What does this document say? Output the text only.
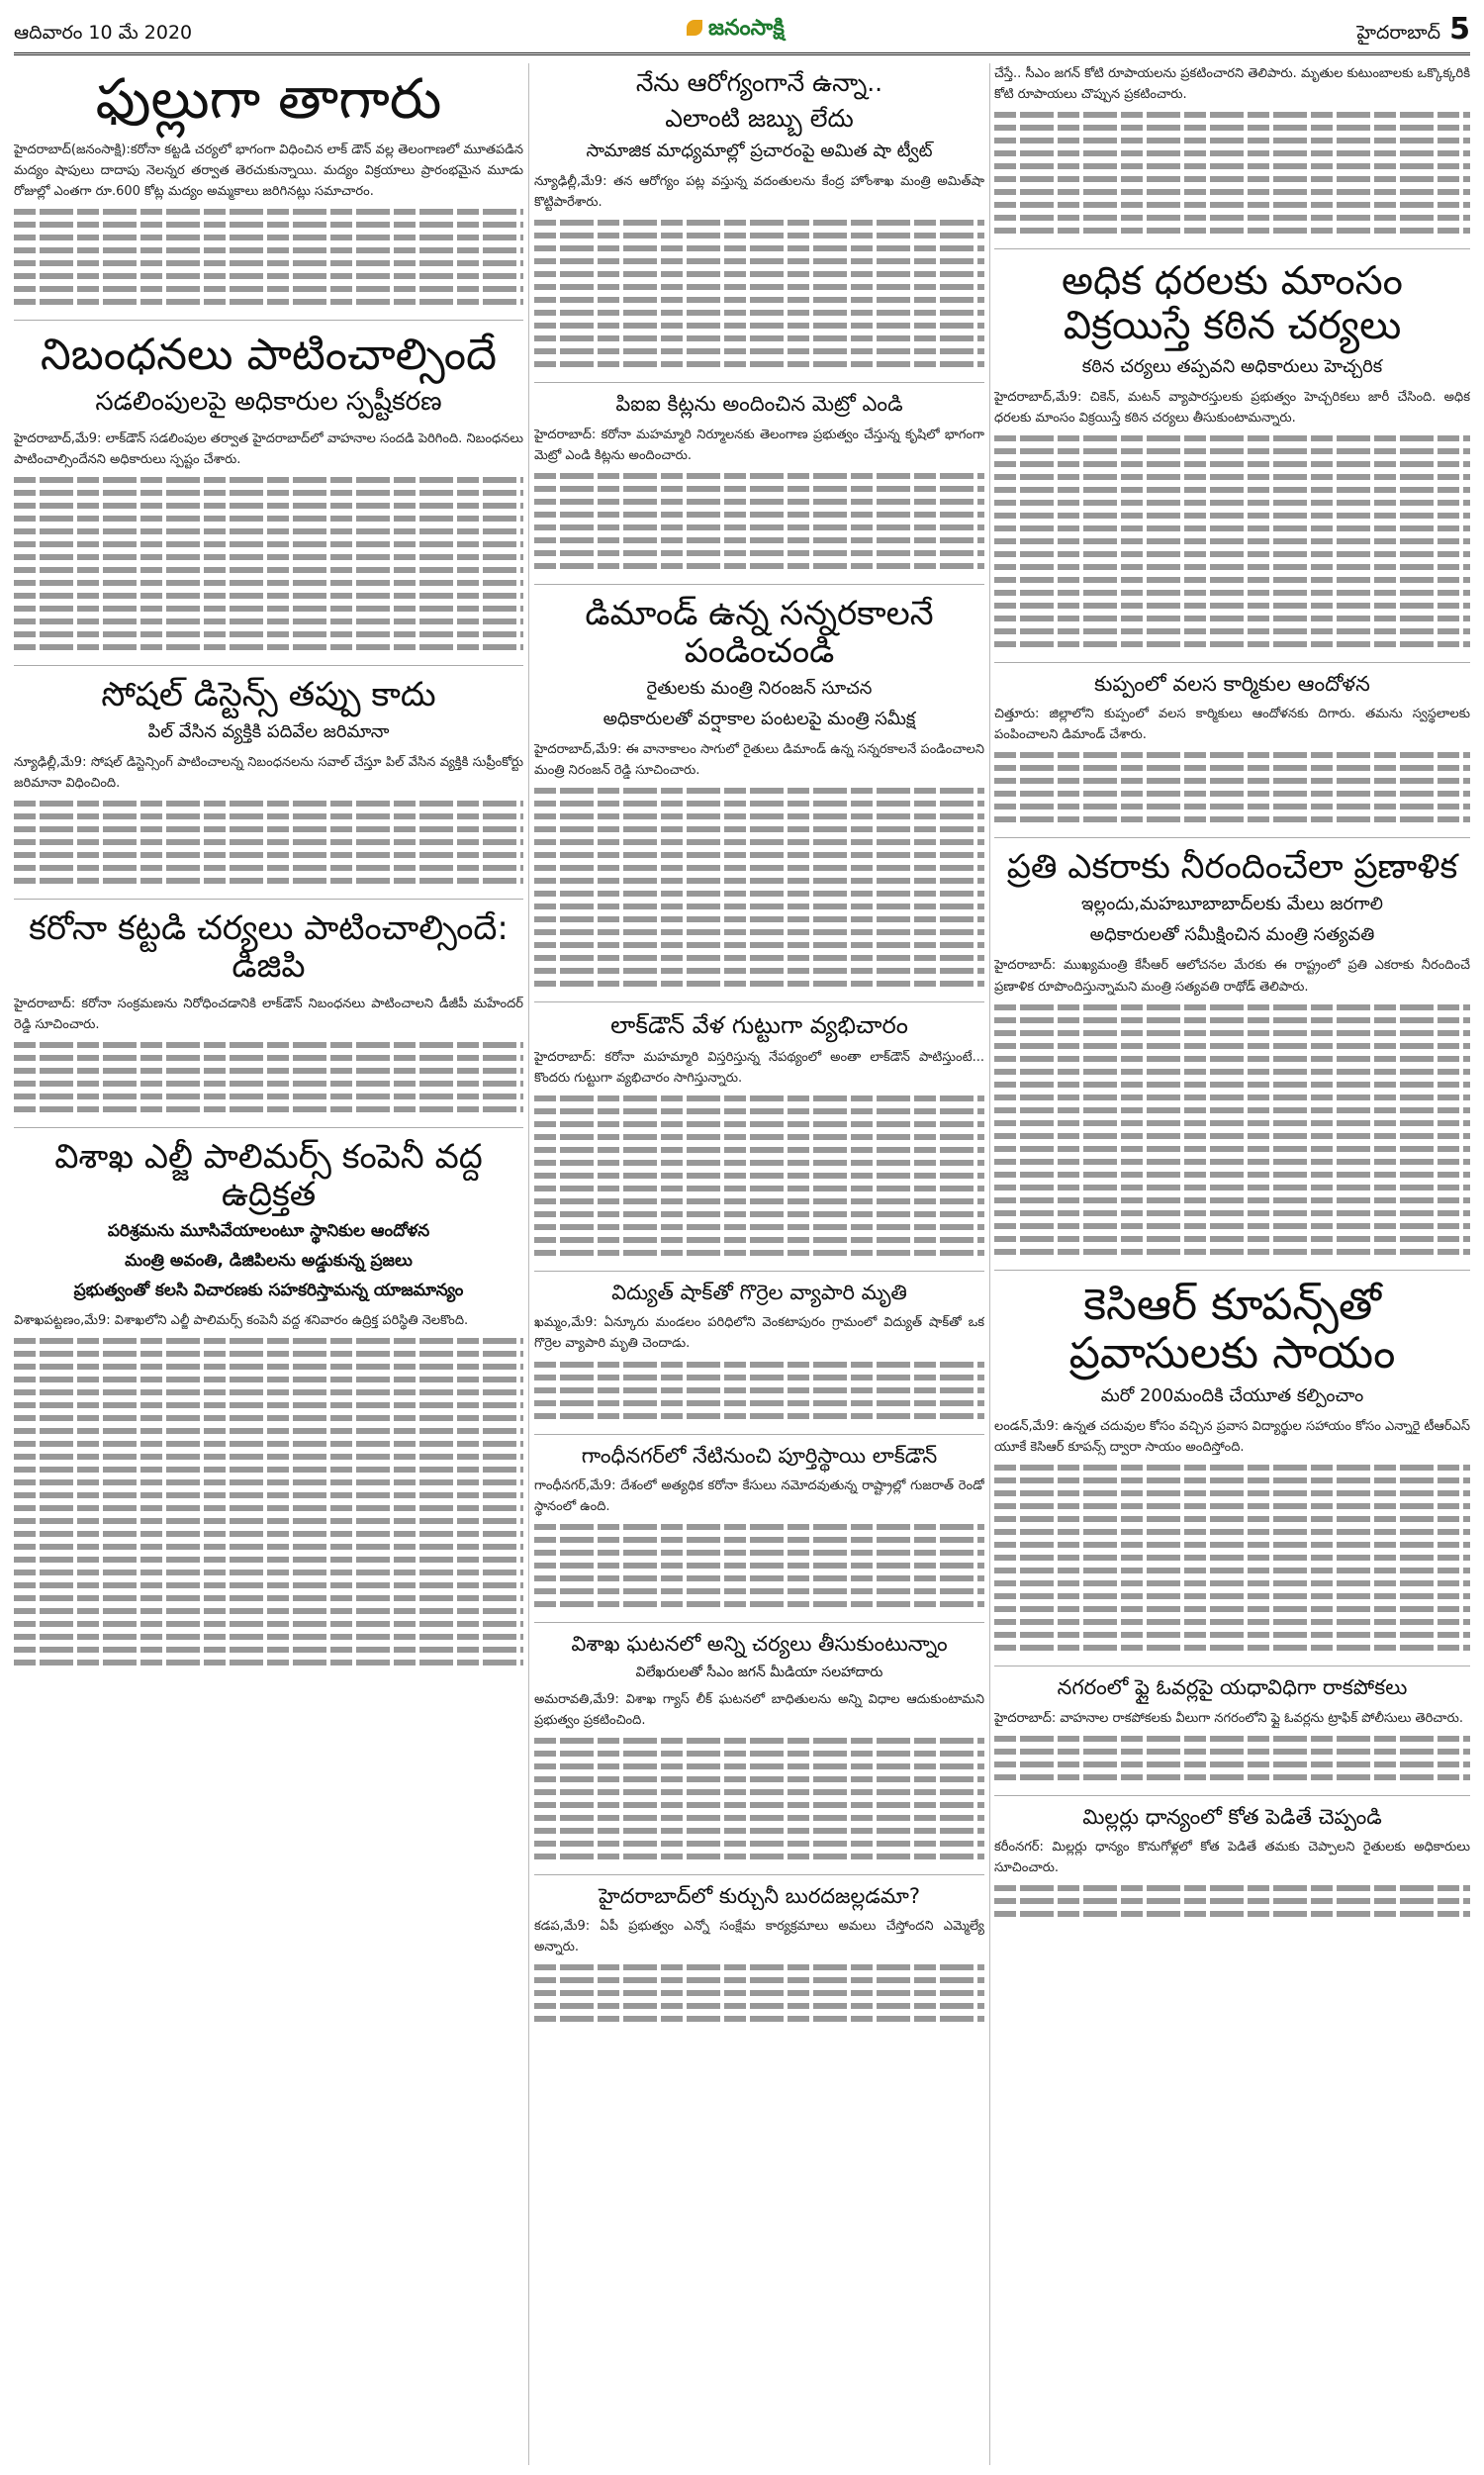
ఆదివారం 10 మే 2020	జనంసాక్షి	హైదరాబాద్ 5
ఫుల్లుగా తాగారు

హైదరాబాద్‌(జనంసాక్షి):కరోనా కట్టడి చర్యలో భాగంగా విధించిన లాక్‌ డౌన్‌ వల్ల తెలంగాణలో మూతపడిన మద్యం షాపులు దాదాపు నెలన్నర తర్వాత తెరచుకున్నాయి. మద్యం విక్రయాలు ప్రారంభమైన మూడు రోజుల్లో ఎంతగా రూ.600 కోట్ల మద్యం అమ్మకాలు జరిగినట్లు సమాచారం.

నిబంధనలు పాటించాల్సిందే
సడలింపులపై అధికారుల స్పష్టీకరణ

హైదరాబాద్‌,మే9: లాక్‌డౌన్‌ సడలింపుల తర్వాత హైదరాబాద్‌లో వాహనాల సందడి పెరిగింది. నిబంధనలు పాటించాల్సిందేనని అధికారులు స్పష్టం చేశారు.

సోషల్‌ డిస్టెన్స్‌ తప్పు కాదు
పిల్‌ వేసిన వ్యక్తికి పదివేల జరిమానా

న్యూఢిల్లీ,మే9: సోషల్‌ డిస్టెన్సింగ్‌ పాటించాలన్న నిబంధనలను సవాల్‌ చేస్తూ పిల్‌ వేసిన వ్యక్తికి సుప్రీంకోర్టు జరిమానా విధించింది.

కరోనా కట్టడి చర్యలు పాటించాల్సిందే: డిజిపి

హైదరాబాద్‌: కరోనా సంక్రమణను నిరోధించడానికి లాక్‌డౌన్‌ నిబంధనలు పాటించాలని డీజీపీ మహేందర్‌ రెడ్డి సూచించారు.

విశాఖ ఎల్జీ పాలిమర్స్‌ కంపెనీ వద్ద ఉద్రిక్తత
పరిశ్రమను మూసివేయాలంటూ స్థానికుల ఆందోళన
మంత్రి అవంతి, డిజిపిలను అడ్డుకున్న ప్రజలు
ప్రభుత్వంతో కలసి విచారణకు సహకరిస్తామన్న యాజమాన్యం

విశాఖపట్టణం,మే9: విశాఖలోని ఎల్జీ పాలిమర్స్‌ కంపెనీ వద్ద శనివారం ఉద్రిక్త పరిస్థితి నెలకొంది.

నేను ఆరోగ్యంగానే ఉన్నా..
ఎలాంటి జబ్బు లేదు
సామాజిక మాధ్యమాల్లో ప్రచారంపై అమిత షా ట్వీట్‌

న్యూఢిల్లీ,మే9: తన ఆరోగ్యం పట్ల వస్తున్న వదంతులను కేంద్ర హోంశాఖ మంత్రి అమిత్‌షా కొట్టిపారేశారు.

పిఐఐ కిట్లను అందించిన మెట్రో ఎండి

హైదరాబాద్‌: కరోనా మహమ్మారి నిర్మూలనకు తెలంగాణ ప్రభుత్వం చేస్తున్న కృషిలో భాగంగా మెట్రో ఎండి కిట్లను అందించారు.

డిమాండ్‌ ఉన్న సన్నరకాలనే పండించండి
రైతులకు మంత్రి నిరంజన్‌ సూచన
అధికారులతో వర్షాకాల పంటలపై మంత్రి సమీక్ష

హైదరాబాద్‌,మే9: ఈ వానాకాలం సాగులో రైతులు డిమాండ్‌ ఉన్న సన్నరకాలనే పండించాలని మంత్రి నిరంజన్‌ రెడ్డి సూచించారు.

లాక్‌డౌన్‌ వేళ గుట్టుగా వ్యభిచారం

హైదరాబాద్‌: కరోనా మహమ్మారి విస్తరిస్తున్న నేపథ్యంలో అంతా లాక్‌డౌన్‌ పాటిస్తుంటే... కొందరు గుట్టుగా వ్యభిచారం సాగిస్తున్నారు.

విద్యుత్‌ షాక్‌తో గొర్రెల వ్యాపారి మృతి

ఖమ్మం,మే9: ఏన్కూరు మండలం పరిధిలోని వెంకటాపురం గ్రామంలో విద్యుత్‌ షాక్‌తో ఒక గొర్రెల వ్యాపారి మృతి చెందాడు.

గాంధీనగర్‌లో నేటినుంచి పూర్తిస్థాయి లాక్‌డౌన్‌

గాంధీనగర్‌,మే9: దేశంలో అత్యధిక కరోనా కేసులు నమోదవుతున్న రాష్ట్రాల్లో గుజరాత్‌ రెండో స్థానంలో ఉంది.

విశాఖ ఘటనలో అన్ని చర్యలు తీసుకుంటున్నాం
విలేఖరులతో సీఎం జగన్‌ మీడియా సలహాదారు

అమరావతి,మే9: విశాఖ గ్యాస్‌ లీక్‌ ఘటనలో బాధితులను అన్ని విధాల ఆదుకుంటామని ప్రభుత్వం ప్రకటించింది.

హైదరాబాద్‌లో కుర్చునీ బురదజల్లడమా?

కడప,మే9: ఏపీ ప్రభుత్వం ఎన్నో సంక్షేమ కార్యక్రమాలు అమలు చేస్తోందని ఎమ్మెల్యే అన్నారు.

చేస్తే.. సీఎం జగన్‌ కోటి రూపాయలను ప్రకటించారని తెలిపారు. మృతుల కుటుంబాలకు ఒక్కొక్కరికి కోటి రూపాయలు చొప్పున ప్రకటించారు.

అధిక ధరలకు మాంసం విక్రయిస్తే కఠిన చర్యలు
కఠిన చర్యలు తప్పవని అధికారులు హెచ్చరిక

హైదరాబాద్‌,మే9: చికెన్‌, మటన్‌ వ్యాపారస్తులకు ప్రభుత్వం హెచ్చరికలు జారీ చేసింది. అధిక ధరలకు మాంసం విక్రయిస్తే కఠిన చర్యలు తీసుకుంటామన్నారు.

కుప్పంలో వలస కార్మికుల ఆందోళన

చిత్తూరు: జిల్లాలోని కుప్పంలో వలస కార్మికులు ఆందోళనకు దిగారు. తమను స్వస్థలాలకు పంపించాలని డిమాండ్‌ చేశారు.

ప్రతి ఎకరాకు నీరందించేలా ప్రణాళిక
ఇల్లందు,మహబూబాబాద్‌లకు మేలు జరగాలి
అధికారులతో సమీక్షించిన మంత్రి సత్యవతి

హైదరాబాద్‌: ముఖ్యమంత్రి కేసీఆర్‌ ఆలోచనల మేరకు ఈ రాష్ట్రంలో ప్రతి ఎకరాకు నీరందించే ప్రణాళిక రూపొందిస్తున్నామని మంత్రి సత్యవతి రాథోడ్‌ తెలిపారు.

కెసిఆర్‌ కూపన్స్‌తో ప్రవాసులకు సాయం
మరో 200మందికి చేయూత కల్పించాం

లండన్‌,మే9: ఉన్నత చదువుల కోసం వచ్చిన ప్రవాస విద్యార్థుల సహాయం కోసం ఎన్నారై టీఆర్‌ఎస్‌ యూకే కెసిఆర్‌ కూపన్స్‌ ద్వారా సాయం అందిస్తోంది.

నగరంలో ఫ్లై ఓవర్లపై యధావిధిగా రాకపోకలు

హైదరాబాద్‌: వాహనాల రాకపోకలకు వీలుగా నగరంలోని ఫ్లై ఓవర్లను ట్రాఫిక్‌ పోలీసులు తెరిచారు.

మిల్లర్లు ధాన్యంలో కోత పెడితే చెప్పండి

కరీంనగర్‌: మిల్లర్లు ధాన్యం కొనుగోళ్లలో కోత పెడితే తమకు చెప్పాలని రైతులకు అధికారులు సూచించారు.
